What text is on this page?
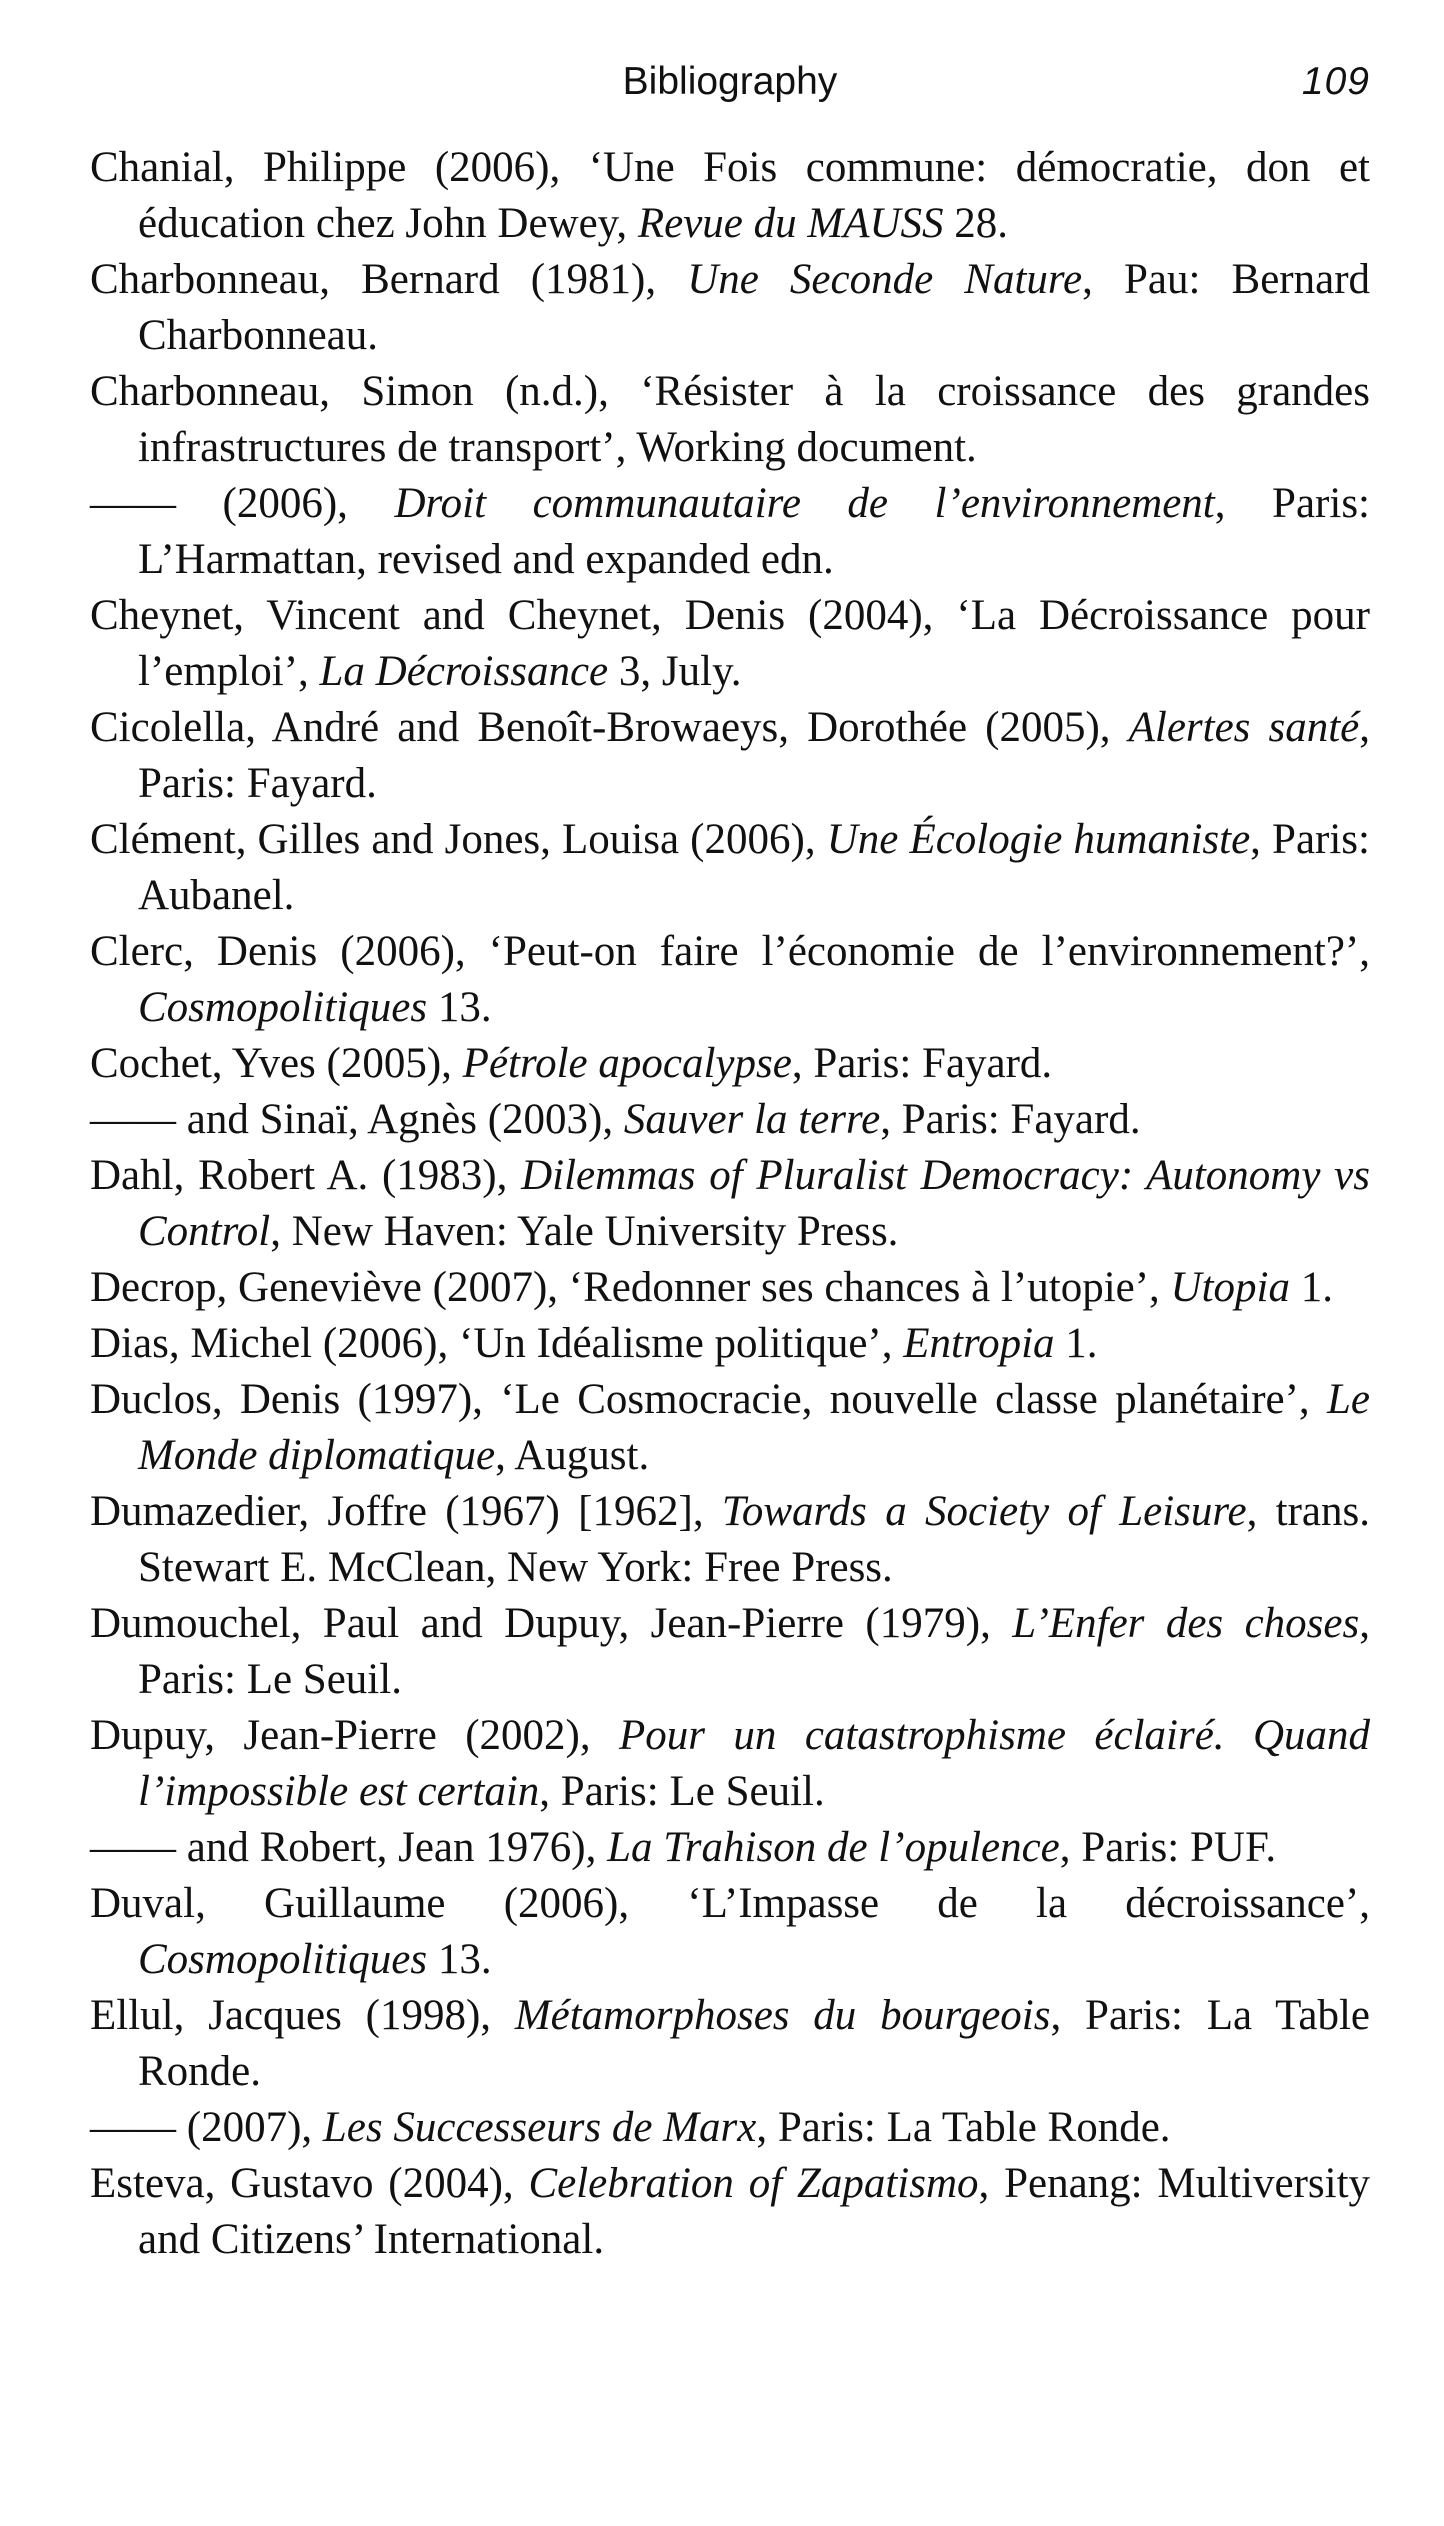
Bibliography	109

Chanial, Philippe (2006), ‘Une Fois commune: démocratie, don et éducation chez John Dewey, Revue du MAUSS 28.

Charbonneau, Bernard (1981), Une Seconde Nature, Pau: Bernard Charbonneau.

Charbonneau, Simon (n.d.), ‘Résister à la croissance des grandes infrastructures de transport’, Working document.

—— (2006), Droit communautaire de l’environnement, Paris: L’Harmattan, revised and expanded edn.

Cheynet, Vincent and Cheynet, Denis (2004), ‘La Décroissance pour l’emploi’, La Décroissance 3, July.

Cicolella, André and Benoît-Browaeys, Dorothée (2005), Alertes santé, Paris: Fayard.

Clément, Gilles and Jones, Louisa (2006), Une Écologie humaniste, Paris: Aubanel.

Clerc, Denis (2006), ‘Peut-on faire l’économie de l’environnement?’, Cosmopolitiques 13.

Cochet, Yves (2005), Pétrole apocalypse, Paris: Fayard.

—— and Sinaï, Agnès (2003), Sauver la terre, Paris: Fayard.

Dahl, Robert A. (1983), Dilemmas of Pluralist Democracy: Autonomy vs Control, New Haven: Yale University Press.

Decrop, Geneviève (2007), ‘Redonner ses chances à l’utopie’, Utopia 1.

Dias, Michel (2006), ‘Un Idéalisme politique’, Entropia 1.

Duclos, Denis (1997), ‘Le Cosmocracie, nouvelle classe planétaire’, Le Monde diplomatique, August.

Dumazedier, Joffre (1967) [1962], Towards a Society of Leisure, trans. Stewart E. McClean, New York: Free Press.

Dumouchel, Paul and Dupuy, Jean-Pierre (1979), L’Enfer des choses, Paris: Le Seuil.

Dupuy, Jean-Pierre (2002), Pour un catastrophisme éclairé. Quand l’impossible est certain, Paris: Le Seuil.

—— and Robert, Jean 1976), La Trahison de l’opulence, Paris: PUF.

Duval, Guillaume (2006), ‘L’Impasse de la décroissance’, Cosmopolitiques 13.

Ellul, Jacques (1998), Métamorphoses du bourgeois, Paris: La Table Ronde.

—— (2007), Les Successeurs de Marx, Paris: La Table Ronde.

Esteva, Gustavo (2004), Celebration of Zapatismo, Penang: Multiversity and Citizens’ International.
